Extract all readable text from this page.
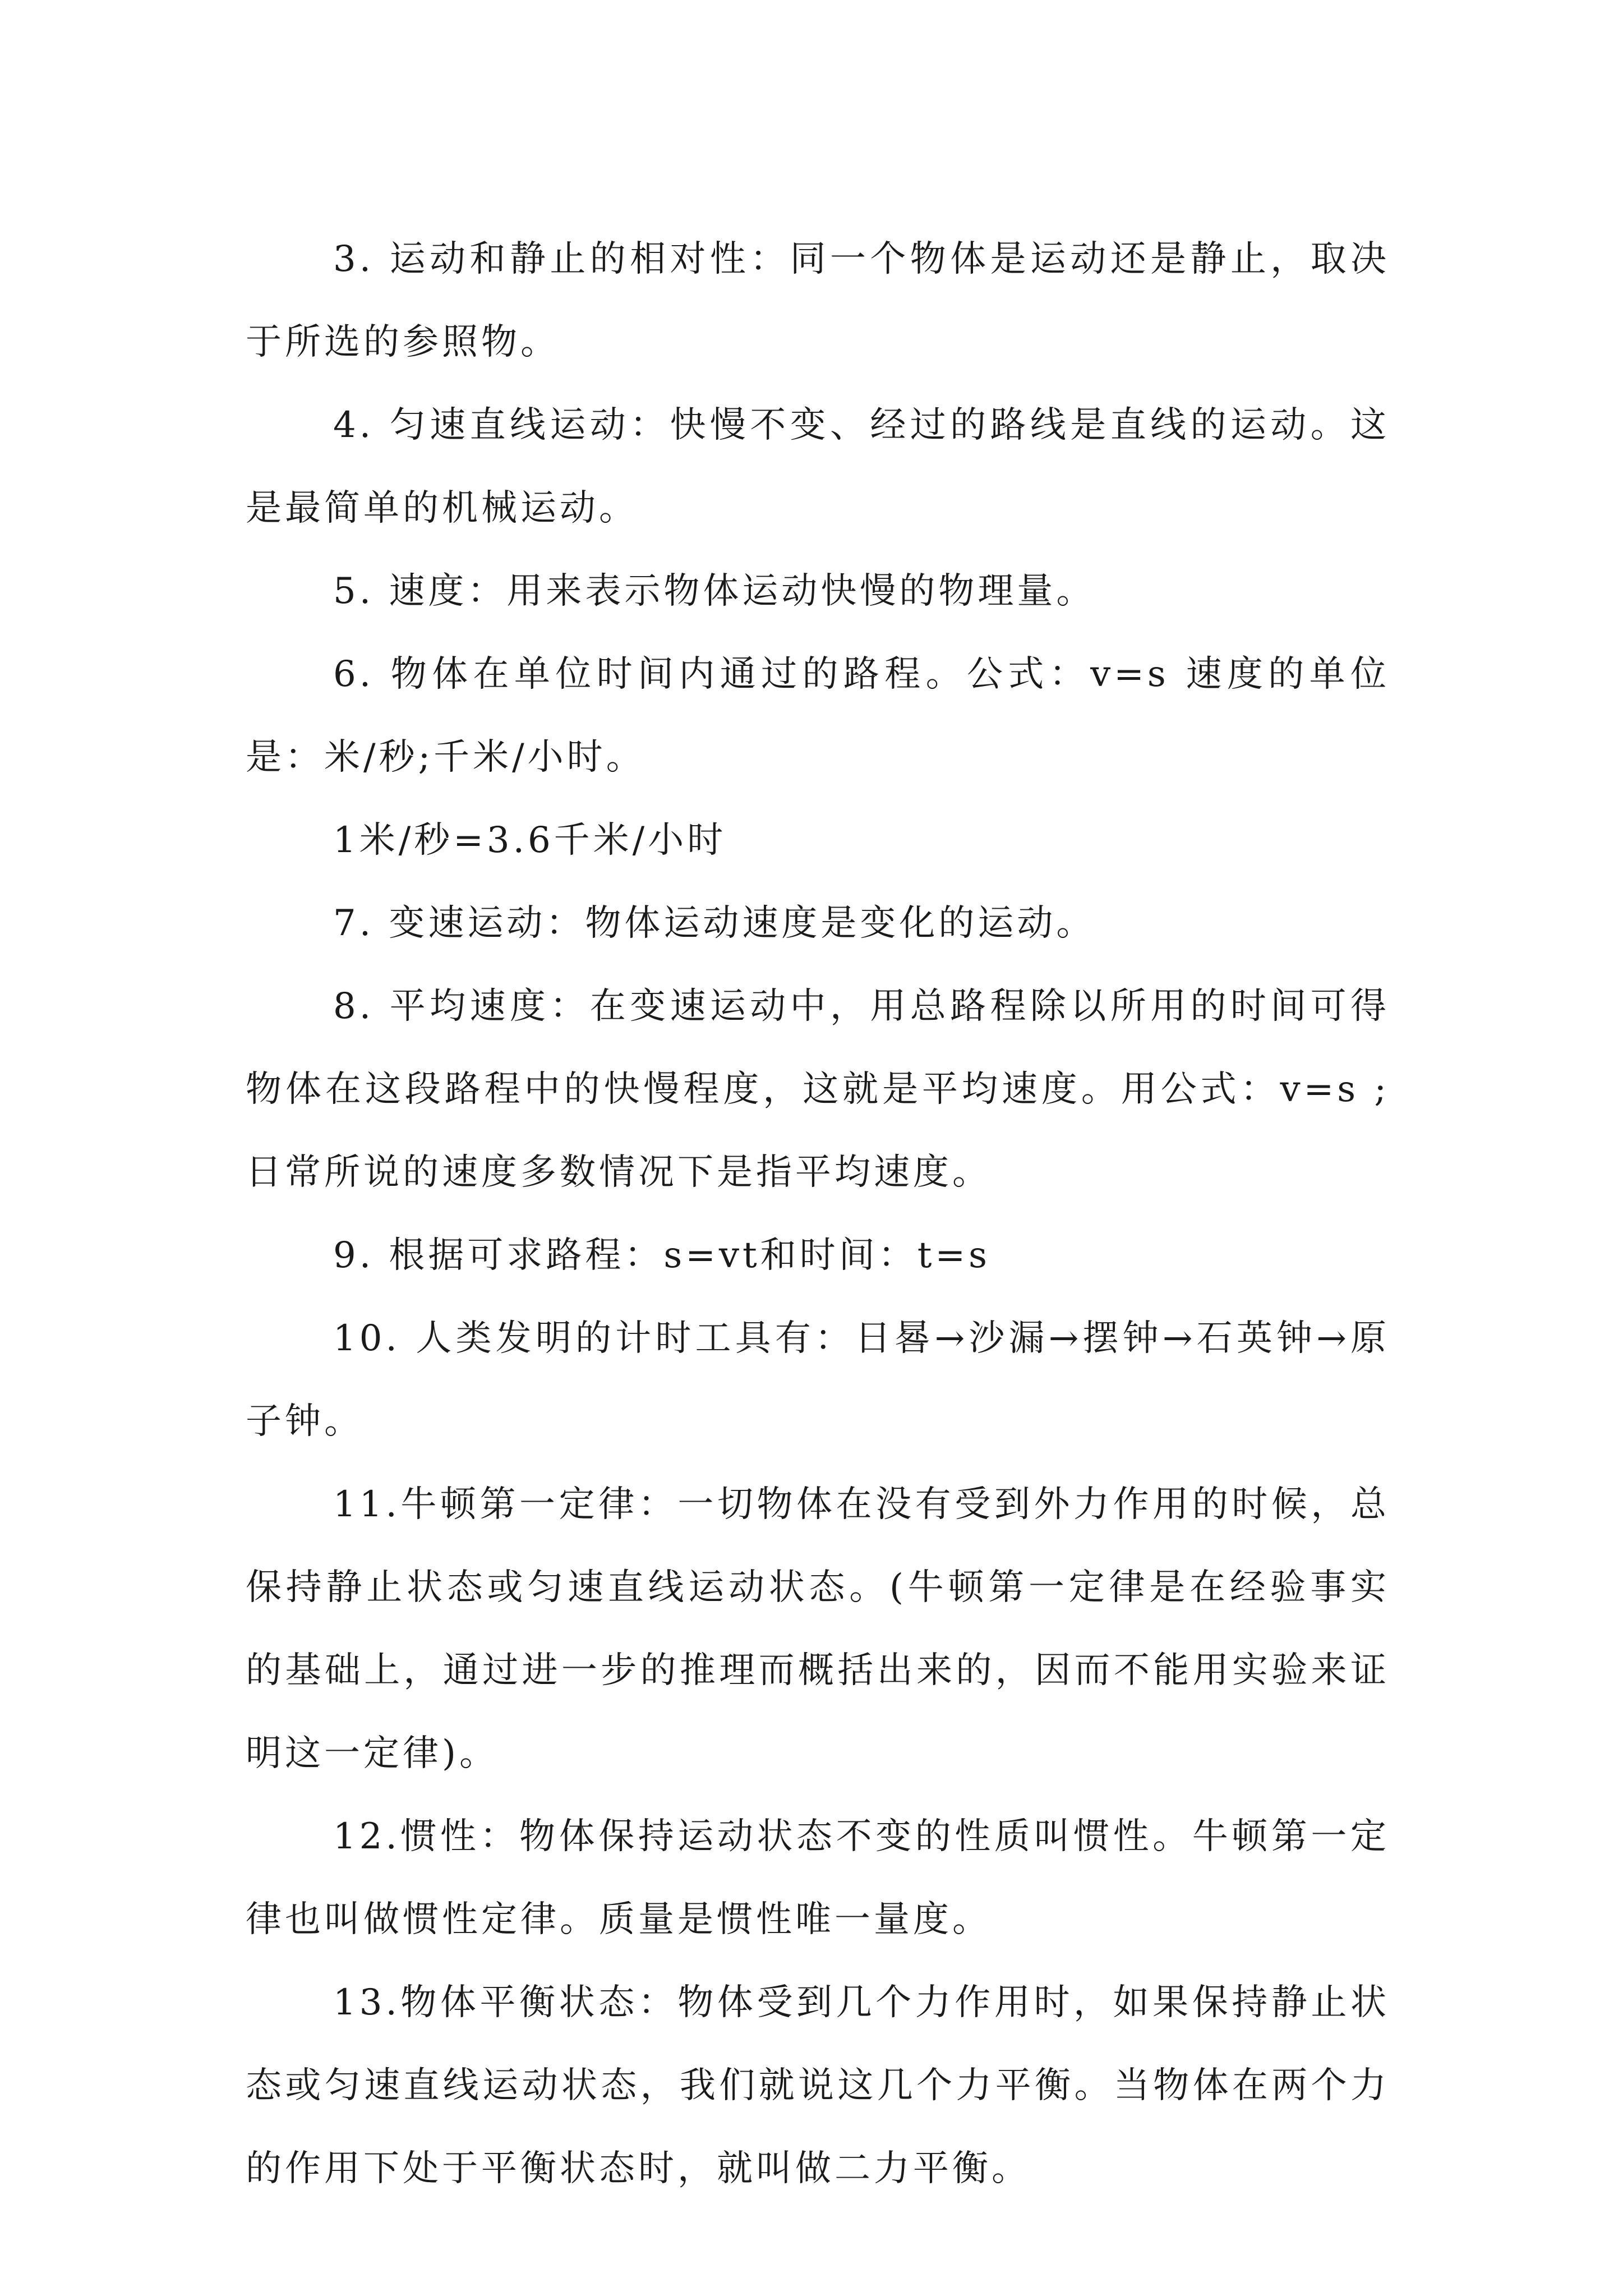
3. 运动和静止的相对性：同一个物体是运动还是静止，取决于所选的参照物。

4. 匀速直线运动：快慢不变、经过的路线是直线的运动。这是最简单的机械运动。

5. 速度：用来表示物体运动快慢的物理量。

6. 物体在单位时间内通过的路程。公式：v=s 速度的单位是：米/秒;千米/小时。

1米/秒=3.6千米/小时

7. 变速运动：物体运动速度是变化的运动。

8. 平均速度：在变速运动中，用总路程除以所用的时间可得物体在这段路程中的快慢程度，这就是平均速度。用公式：v=s ;日常所说的速度多数情况下是指平均速度。

9. 根据可求路程：s=vt和时间：t=s

10. 人类发明的计时工具有：日晷→沙漏→摆钟→石英钟→原子钟。

11.牛顿第一定律：一切物体在没有受到外力作用的时候，总保持静止状态或匀速直线运动状态。(牛顿第一定律是在经验事实的基础上，通过进一步的推理而概括出来的，因而不能用实验来证明这一定律)。

12.惯性：物体保持运动状态不变的性质叫惯性。牛顿第一定律也叫做惯性定律。质量是惯性唯一量度。

13.物体平衡状态：物体受到几个力作用时，如果保持静止状态或匀速直线运动状态，我们就说这几个力平衡。当物体在两个力的作用下处于平衡状态时，就叫做二力平衡。
